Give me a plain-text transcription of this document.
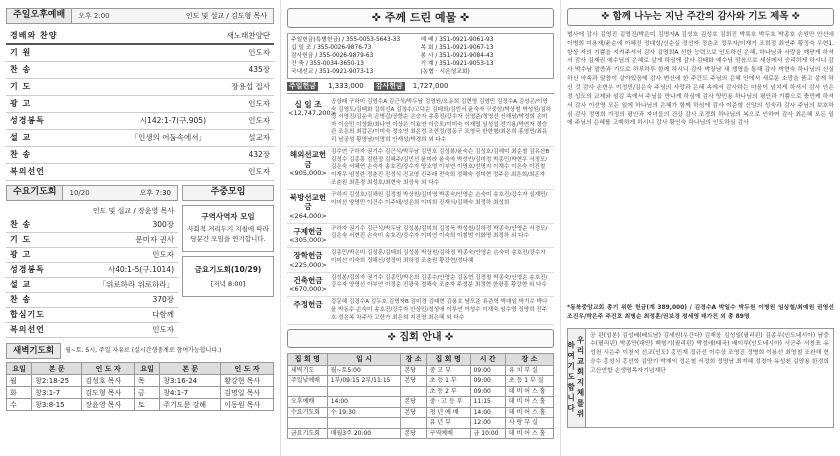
주일오후예배	오후 2:00	인도 및 설교 / 김도형 목사
경배와 찬양	새노래찬양단
기 원	인도자
찬 송	435장
기 도	장용섭 집사
광 고	인도자
성경봉독	시142:1-7(구.905)	인도자
설 교	「인생의 어둠속에서」	설교자
찬 송	432장
복의선언	인도자
수요기도회	10/20	오후 7:30
인도 및 설교 / 장윤영 목사
찬 송	300장
기 도	문미자 권사
광 고	인도자
성경봉독	사40:1-5(구.1014)
설 교	「위로하라 위로하라」
찬 송	370장
합심기도	다함께
복의선언	인도자
주중모임
구역사역자 모임
사회적 거리두기 지침에 따라 당분간 모임을 연기합니다.
금요기도회(10/29)
[저녁 8:00]
새벽기도회	월~토. 5시, 주일 자유로 (실시간생중계로 참여가능합니다.)
요일	본 문	인 도 자	요일	본 문	인 도 자
월	창2:18-25	김성호 목사	목	창3:16-24	황강현 목사
화	창3:1-7	김도형 목사	금	창4:1-7	김명일 목사
수	창3:8-15	장윤영 목사	토	주기도문 강해	이동원 목사
✜ 주께 드린 예물 ✜
주일헌금(특별헌금) / 355-0053-5643-33
십 일 조 / 355-0026-9876-73
감사헌금 / 355-0026-9879-63
건 축 / 355-0034-3650-13
국내선교 / 351-0921-9073-13
예 배 / 351-0921-9061-93
목 회 / 351-0921-9067-13
봉 사 / 351-0921-9084-43
기 계 / 351-0921-9053-13
(농협 · 시온성교회)
주일헌금	1,333,000	감사헌금	1,727,000
십 일 조
<12,747,200>
공상래 구하미 김영수A 김근식/박두남 김영원/오유희 김현영 김영민 김정수A 김성곤/이명숙 김영도/김태화 김희선A 김정수/고덕순 김태희/김민서 윤숙자 구중삼/박상철 박성원/김하정 서영진/김운숙 손병갑/공향순 손승자 송흥진/강수자 신영준/정영선 신해남/박정희 손미자 이승민 이상화/최나연 이상은 이효연 이승모/이미숙 이재엽 임성섭 전기용/박연자 정승관 조은희 최갑곤/이미숙 정소연 최은정 조현정/정동구 조영국 한한형/최은희 홍영민/최유리 남궁성 황영남/이명희 안재성/박경희 외 다수
해외선교헌금
<905,000>
김수연 구하자 권기수 김근식/박두남 김민호 김성봉/윤숙슨 김성호/김해미 최순철 김유산B 김정수 김종흥 김한정 김혜주/김민선 윤미라 윤숙자 박성빈/김미정 박종민/박현우 서정모/김은숙 서혜연 손숙자 송호진/강수자 양소영 이부연 이영호/전명지 이재수 이은숙 이진철 이재우 임정란 정춘진 진정식 진교영 진주래 전숙희 정해숙 정미현 정주은 최은희/최은자 조춘원 최훈경 최성호/최현숙 최상욱 외 다수
북방선교헌금
<264,000>
구하지 김성호/김해원 김정철 박상원/김미영 박종숙/안영순 손숙미 송호진/강수자 심재민/이미선 양영민 이건수 이주태/성은희 이미희 진재식/김해숙 최정하 최성희
구제헌금
<305,000>
구하자 권기수 김근식/박두남 김성봉/김미희 김정득 박성원/김하정 박종숙/안영순 서정모/김은숙 서현진 손숙미 송호진/강수자 이미연 이숙희 이철범 이화명 최정하 외 다수
장학헌금
<225,000>
김종민/박은미 김성훈/김태희 김성봉 박상원/김하정 박종숙/안영순 손숙미 송호진/강수자 이미선 이숙희 정해신/정정미 최하정 조춘원 황강현/정다혜
건축헌금
<670,000>
김성봉/김희자 권기수 김종민/박은희 김종수/안영순 김동현 김정철 박종숙/안영순 송호진/강수자 양영선 이부연 이정순 진광국 정해숙 조춘자 주정분 최정현 한광훈 황강현 외 다수
주정헌금	강문혜 김경수A 김두호 김명자B 김미경 김태현 김용호 남모준 류준혁 박대일 박기수 박다윤 박동수 손숙미 송호진/강수자 안상민/정성애 이부연 이성수 이재숙 임수영 정영희 진주호 정은복 차주사 고한가 최은희 지진영 최은혜 외 다수
✜ 집회 안내 ✜
집 회 명	일 시	장 소	집 회 명	시 간	장 소
새벽기도	월~토5:00	본당	중 고 부	09:00	유 치 부 실
주일낮예배	1부/09:15 2부/11:15	본당	초 등 1 부	09:00	초 등 1 부 실
			초 등 2 부	09:00	데 비 어 스 홀
오후예배	14:00	본당	중 · 고 등 부	11:15	데 비 어 스 홀
수요기도회	수 19:30	본당	청 년 예 배	14:00	데 비 어 스 홀
			유 년 부	12:00	사 랑 부 실
금요기도회	매월3주 20:00	본당	구역예배	금 10:00	데 비 어 스 홀
✜ 함께 나누는 지난 주간의 감사와 기도 제목 ✜
범사에 감사 김영진 김영진/박은미 김명자A 김성호 김성호 김희진 박록호 박두호 박종호 손원만 안선애 이병희 이용재/윤순애 이혜진 정대성/신순실 정선자 정춘조 정무자/이재기 조희정 최연주 황정숙 우현1. 항상 자의 기쁨을 지켜주셔서 감사 김영희A 선한 능력으로 인도하신 은혜, 하나님과 사랑을 깨닫게 하셔서 감사 김재권 예수님의 은혜로 살게 하심에 감사 김태화 예수님 믿음으로 세상에서 승리하게 하시니 감사 박수남 말씀과 기도로 하루하루 함께 하시니 감사 박장남 새 생명을 통해 감사 박현숙 하나님의 신실하신 약속과 말씀이 살아있음에 감사 변신애 한 주간도 주님의 은혜 안에서 새로운 소망을 품고 살게 하신 것 감사 손현우 이정민/김은숙 주님의 사랑과 은혜 속에서 감사하는 마음이 넘치게 하셔서 감사 안은정 성도의 교제와 섬김 속에서 주님을 만나게 하심에 감사 양민용 하나님의 평안과 기쁨으로 충만케 하셔서 감사 이선영 모든 일에 하나님의 은혜가 함께 하심에 감사 이준형 신앙의 성숙과 감사 주님의 보호하심 감사 정명희 가정의 평안과 자녀들의 건강 감사 조경희 하나님의 복으로 인하여 감사 최은혜 모든 일에 주님의 은혜를 고백하게 하시니 감사 황인숙 하나님의 인도하심 감사
*동북중앙교회 총기 위한 헌금(계 389,000) / 김경수A 박일수 박두원 이병원 임상철/최예원 권영선 조진우/박은주 주진호 최병순 최정훈/권보경 정세영 태가진 외 총 89명
우리교회지체를위하여기도합니다
공 판(일본) 김성배(베트남) 김세원(우간다) 김재웅 김성일(필리핀) 김종우(인도네시아) 남중수(필리핀) 박종만(대만) 백형기(필리핀) 박정애(태국) 배이루(인도네시아) 서군주 서창표 유성천 시은주 이천석 선교(인도) 홍민재 정규선 이수상 조영진 정병희 이용선 최영철 조완해 현승수 홍성식 홍선학 김양기 박재익 정은철 서정희 정명남 최지혜 정경아 유성천 김양용 한경희 고산연합 손생명목자기념재단
